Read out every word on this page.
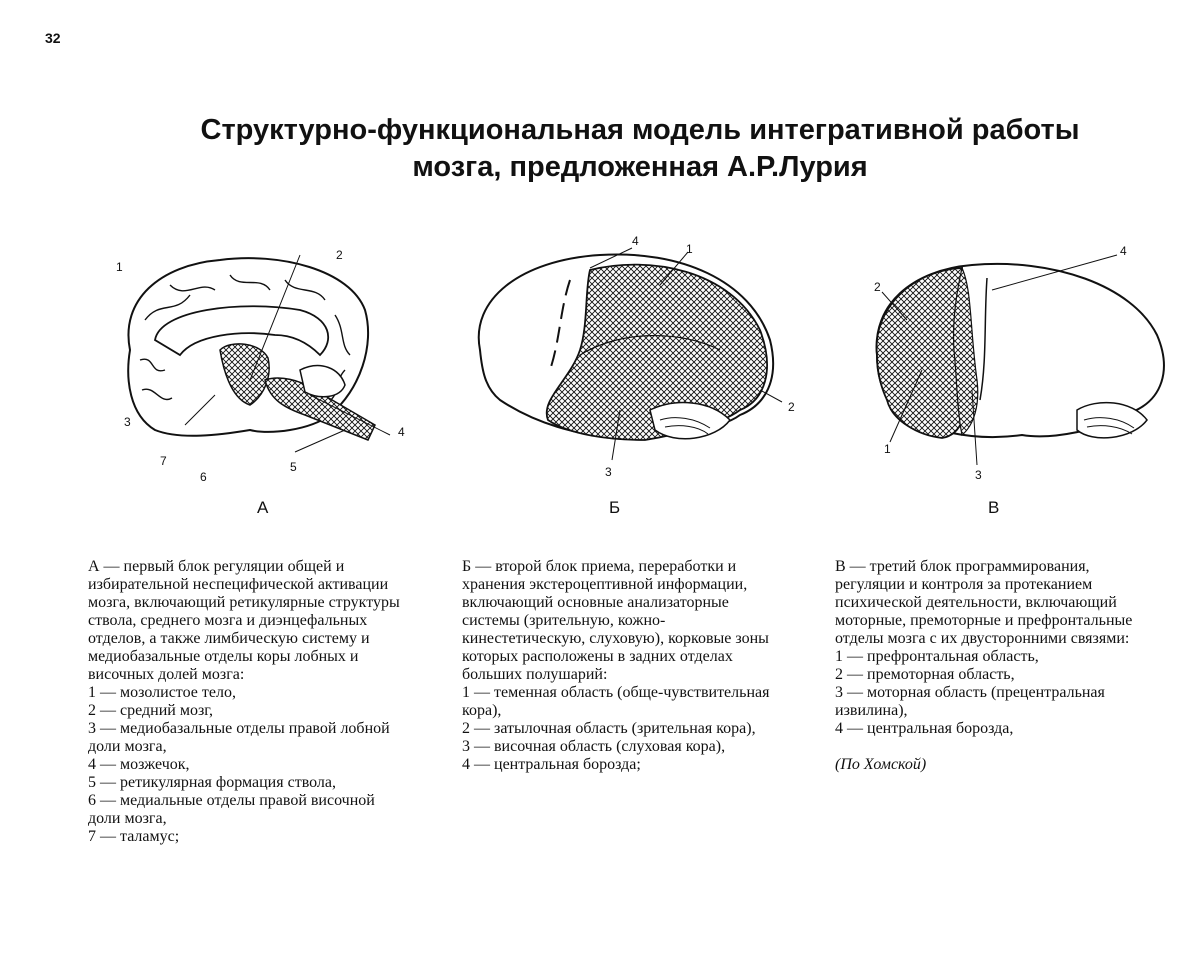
32
Структурно-функциональная модель интегративной работы
мозга, предложенная А.Р.Лурия
1
2
3
4
5
6
7
А
1
2
3
4
Б
1
2
3
4
В
А — первый блок регуляции общей и
избирательной неспецифической активации
мозга, включающий ретикулярные структуры
ствола, среднего мозга и диэнцефальных
отделов, а также лимбическую систему и
медиобазальные отделы коры лобных и
височных долей мозга:
1 — мозолистое тело,
2 — средний мозг,
3 — медиобазальные отделы правой лобной
доли мозга,
4 — мозжечок,
5 — ретикулярная формация ствола,
6 — медиальные отделы правой височной
доли мозга,
7 — таламус;
Б — второй блок приема, переработки и
хранения экстероцептивной информации,
включающий основные анализаторные
системы (зрительную, кожно-
кинестетическую, слуховую), корковые зоны
которых расположены в задних отделах
больших полушарий:
1 — теменная область (обще-чувствительная
кора),
2 — затылочная область (зрительная кора),
3 — височная область (слуховая кора),
4 — центральная борозда;
В — третий блок программирования,
регуляции и контроля за протеканием
психической деятельности, включающий
моторные, премоторные и префронтальные
отделы мозга с их двусторонними связями:
1 — префронтальная область,
2 — премоторная область,
3 — моторная область (прецентральная
извилина),
4 — центральная борозда,
(По Хомской)
